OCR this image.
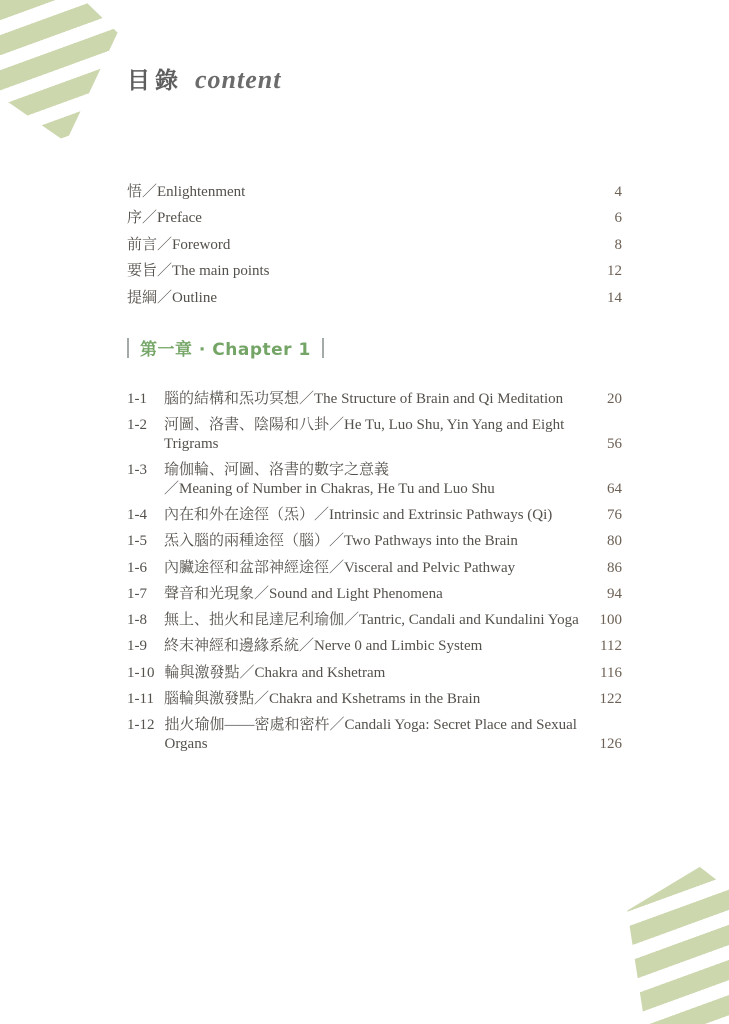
目錄 content
悟／Enlightenment	4
序／Preface	6
前言／Foreword	8
要旨／The main points	12
提綱／Outline	14
第一章 · Chapter 1
1-1	腦的結構和炁功冥想／The Structure of Brain and Qi Meditation	20
1-2	河圖、洛書、陰陽和八卦／He Tu, Luo Shu, Yin Yang and Eight Trigrams	56
1-3	瑜伽輪、河圖、洛書的數字之意義
／Meaning of Number in Chakras, He Tu and Luo Shu	64
1-4	內在和外在途徑（炁）／Intrinsic and Extrinsic Pathways (Qi)	76
1-5	炁入腦的兩種途徑（腦）／Two Pathways into the Brain	80
1-6	內臟途徑和盆部神經途徑／Visceral and Pelvic Pathway	86
1-7	聲音和光現象／Sound and Light Phenomena	94
1-8	無上、拙火和昆達尼利瑜伽／Tantric, Candali and Kundalini Yoga	100
1-9	終末神經和邊緣系統／Nerve 0 and Limbic System	112
1-10 輪與激發點／Chakra and Kshetram	116
1-11 腦輪與激發點／Chakra and Kshetrams in the Brain	122
1-12 拙火瑜伽——密處和密杵／Candali Yoga: Secret Place and Sexual Organs	126
